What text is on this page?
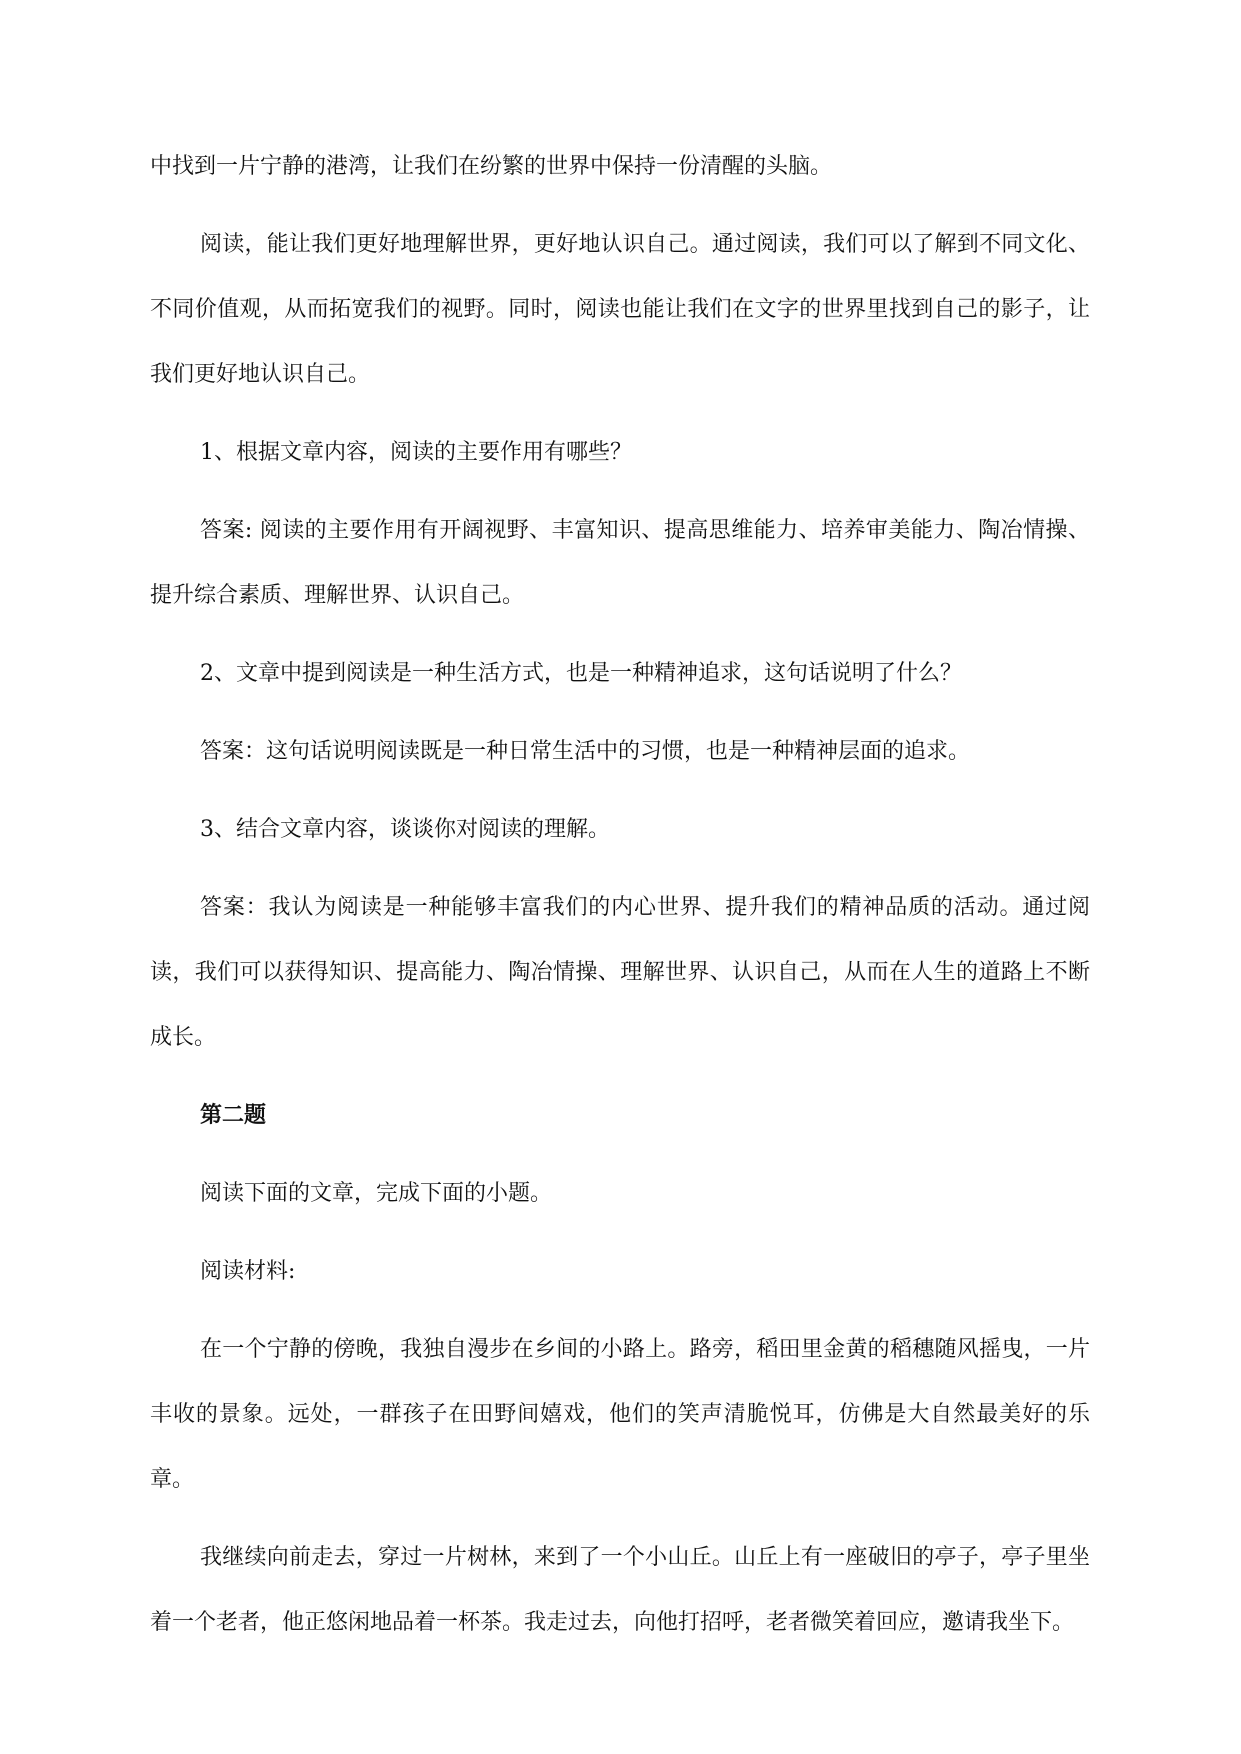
中找到一片宁静的港湾，让我们在纷繁的世界中保持一份清醒的头脑。

阅读，能让我们更好地理解世界，更好地认识自己。通过阅读，我们可以了解到不同文化、不同价值观，从而拓宽我们的视野。同时，阅读也能让我们在文字的世界里找到自己的影子，让我们更好地认识自己。

1、根据文章内容，阅读的主要作用有哪些？

答案: 阅读的主要作用有开阔视野、丰富知识、提高思维能力、培养审美能力、陶冶情操、提升综合素质、理解世界、认识自己。

2、文章中提到阅读是一种生活方式，也是一种精神追求，这句话说明了什么？

答案：这句话说明阅读既是一种日常生活中的习惯，也是一种精神层面的追求。

3、结合文章内容，谈谈你对阅读的理解。

答案：我认为阅读是一种能够丰富我们的内心世界、提升我们的精神品质的活动。通过阅读，我们可以获得知识、提高能力、陶冶情操、理解世界、认识自己，从而在人生的道路上不断成长。

第二题

阅读下面的文章，完成下面的小题。

阅读材料:

在一个宁静的傍晚，我独自漫步在乡间的小路上。路旁，稻田里金黄的稻穗随风摇曳，一片丰收的景象。远处，一群孩子在田野间嬉戏，他们的笑声清脆悦耳，仿佛是大自然最美好的乐章。

我继续向前走去，穿过一片树林，来到了一个小山丘。山丘上有一座破旧的亭子，亭子里坐着一个老者，他正悠闲地品着一杯茶。我走过去，向他打招呼，老者微笑着回应，邀请我坐下。
